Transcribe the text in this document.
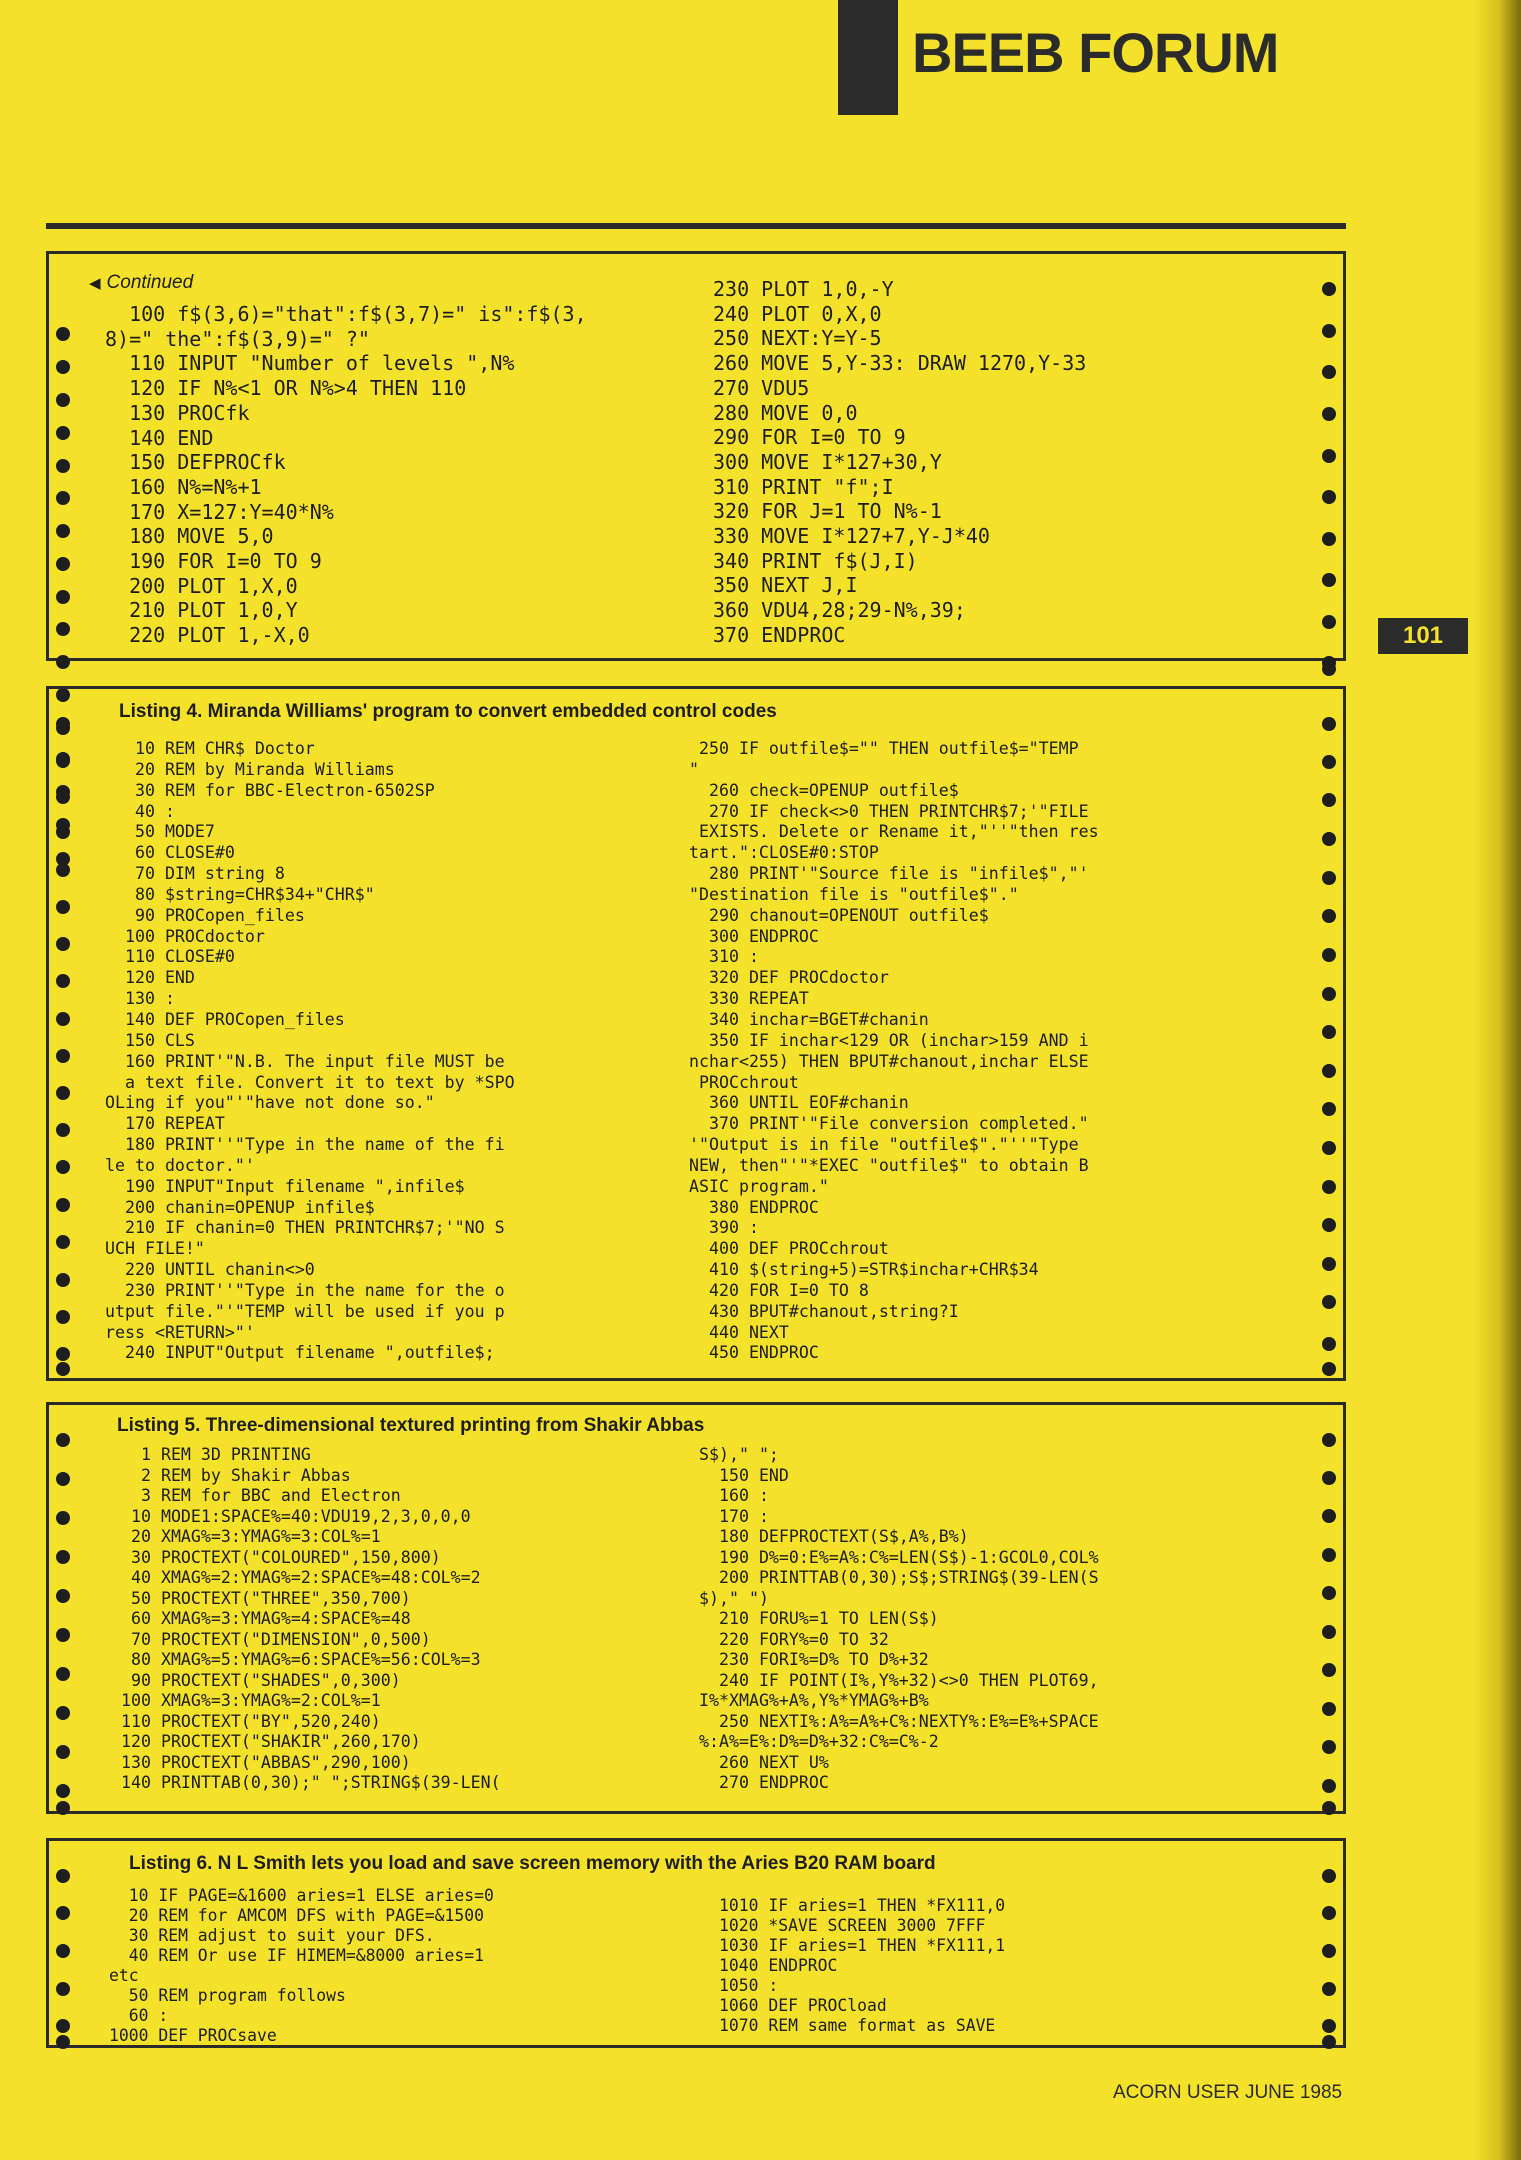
BEEB FORUM
101
◀ Continued
100 f$(3,6)="that":f$(3,7)=" is":f$(3,
8)=" the":f$(3,9)=" ?"
110 INPUT "Number of levels ",N%
120 IF N%<1 OR N%>4 THEN 110
130 PROCfk
140 END
150 DEFPROCfk
160 N%=N%+1
170 X=127:Y=40*N%
180 MOVE 5,0
190 FOR I=0 TO 9
200 PLOT 1,X,0
210 PLOT 1,0,Y
220 PLOT 1,-X,0
230 PLOT 1,0,-Y
240 PLOT 0,X,0
250 NEXT:Y=Y-5
260 MOVE 5,Y-33: DRAW 1270,Y-33
270 VDU5
280 MOVE 0,0
290 FOR I=0 TO 9
300 MOVE I*127+30,Y
310 PRINT "f";I
320 FOR J=1 TO N%-1
330 MOVE I*127+7,Y-J*40
340 PRINT f$(J,I)
350 NEXT J,I
360 VDU4,28;29-N%,39;
370 ENDPROC
Listing 4. Miranda Williams' program to convert embedded control codes
10 REM CHR$ Doctor
20 REM by Miranda Williams
30 REM for BBC-Electron-6502SP
40 :
50 MODE7
60 CLOSE#0
70 DIM string 8
80 $string=CHR$34+"CHR$"
90 PROCopen_files
100 PROCdoctor
110 CLOSE#0
120 END
130 :
140 DEF PROCopen_files
150 CLS
160 PRINT'"N.B. The input file MUST be
a text file. Convert it to text by *SPO
OLing if you"'"have not done so."
170 REPEAT
180 PRINT''"Type in the name of the fi
le to doctor."'
190 INPUT"Input filename ",infile$
200 chanin=OPENUP infile$
210 IF chanin=0 THEN PRINTCHR$7;'"NO S
UCH FILE!"
220 UNTIL chanin<>0
230 PRINT''"Type in the name for the o
utput file."'"TEMP will be used if you p
ress <RETURN>"'
240 INPUT"Output filename ",outfile$;
250 IF outfile$="" THEN outfile$="TEMP
"
260 check=OPENUP outfile$
270 IF check<>0 THEN PRINTCHR$7;'"FILE
EXISTS. Delete or Rename it,"''"then res
tart.":CLOSE#0:STOP
280 PRINT'"Source file is "infile$","'
"Destination file is "outfile$"."
290 chanout=OPENOUT outfile$
300 ENDPROC
310 :
320 DEF PROCdoctor
330 REPEAT
340 inchar=BGET#chanin
350 IF inchar<129 OR (inchar>159 AND i
nchar<255) THEN BPUT#chanout,inchar ELSE
PROCchrout
360 UNTIL EOF#chanin
370 PRINT'"File conversion completed."
'"Output is in file "outfile$"."''"Type
NEW, then"'"*EXEC "outfile$" to obtain B
ASIC program."
380 ENDPROC
390 :
400 DEF PROCchrout
410 $(string+5)=STR$inchar+CHR$34
420 FOR I=0 TO 8
430 BPUT#chanout,string?I
440 NEXT
450 ENDPROC
Listing 5. Three-dimensional textured printing from Shakir Abbas
1 REM 3D PRINTING
2 REM by Shakir Abbas
3 REM for BBC and Electron
10 MODE1:SPACE%=40:VDU19,2,3,0,0,0
20 XMAG%=3:YMAG%=3:COL%=1
30 PROCTEXT("COLOURED",150,800)
40 XMAG%=2:YMAG%=2:SPACE%=48:COL%=2
50 PROCTEXT("THREE",350,700)
60 XMAG%=3:YMAG%=4:SPACE%=48
70 PROCTEXT("DIMENSION",0,500)
80 XMAG%=5:YMAG%=6:SPACE%=56:COL%=3
90 PROCTEXT("SHADES",0,300)
100 XMAG%=3:YMAG%=2:COL%=1
110 PROCTEXT("BY",520,240)
120 PROCTEXT("SHAKIR",260,170)
130 PROCTEXT("ABBAS",290,100)
140 PRINTTAB(0,30);" ";STRING$(39-LEN(
S$)," ";
150 END
160 :
170 :
180 DEFPROCTEXT(S$,A%,B%)
190 D%=0:E%=A%:C%=LEN(S$)-1:GCOL0,COL%
200 PRINTTAB(0,30);S$;STRING$(39-LEN(S
$)," ")
210 FORU%=1 TO LEN(S$)
220 FORY%=0 TO 32
230 FORI%=D% TO D%+32
240 IF POINT(I%,Y%+32)<>0 THEN PLOT69,
I%*XMAG%+A%,Y%*YMAG%+B%
250 NEXTI%:A%=A%+C%:NEXTY%:E%=E%+SPACE
%:A%=E%:D%=D%+32:C%=C%-2
260 NEXT U%
270 ENDPROC
Listing 6. N L Smith lets you load and save screen memory with the Aries B20 RAM board
10 IF PAGE=&1600 aries=1 ELSE aries=0
20 REM for AMCOM DFS with PAGE=&1500
30 REM adjust to suit your DFS.
40 REM Or use IF HIMEM=&8000 aries=1
etc
50 REM program follows
60 :
1000 DEF PROCsave
1010 IF aries=1 THEN *FX111,0
1020 *SAVE SCREEN 3000 7FFF
1030 IF aries=1 THEN *FX111,1
1040 ENDPROC
1050 :
1060 DEF PROCload
1070 REM same format as SAVE
ACORN USER JUNE 1985
